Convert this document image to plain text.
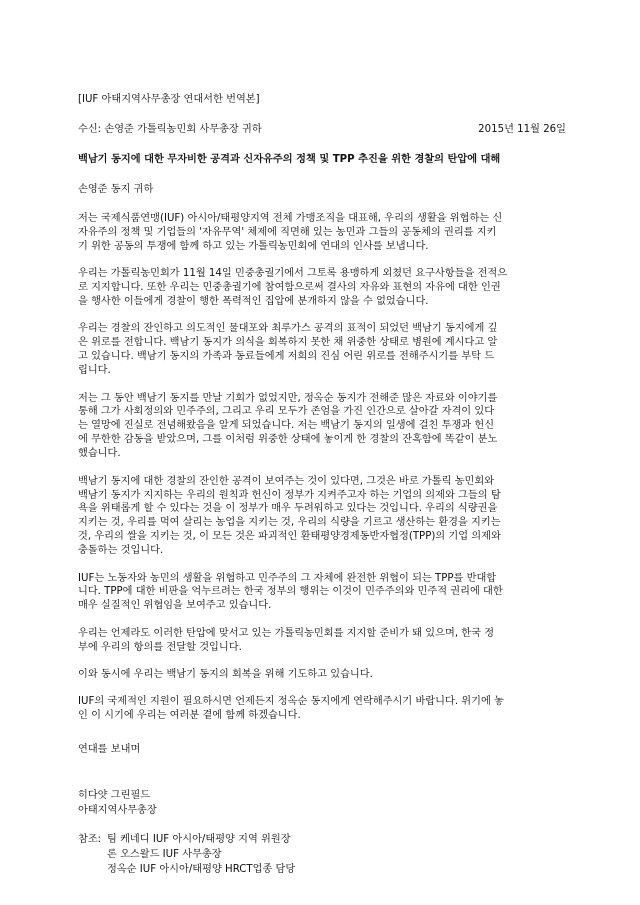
[IUF 아태지역사무총장 연대서한 번역본]

수신: 손영준 가톨릭농민회 사무총장 귀하	2015년 11월 26일

백남기 동지에 대한 무자비한 공격과 신자유주의 정책 및 TPP 추진을 위한 경찰의 탄압에 대해

손영준 동지 귀하

저는 국제식품연맹(IUF) 아시아/태평양지역 전체 가맹조직을 대표해, 우리의 생활을 위협하는 신
자유주의 정책 및 기업들의 '자유무역' 체제에 직면해 있는 농민과 그들의 공동체의 권리를 지키
기 위한 공동의 투쟁에 함께 하고 있는 가톨릭농민회에 연대의 인사를 보냅니다.

우리는 가톨릭농민회가 11월 14일 민중총궐기에서 그토록 용맹하게 외쳤던 요구사항들을 전적으
로 지지합니다. 또한 우리는 민중총궐기에 참여함으로써 결사의 자유와 표현의 자유에 대한 인권
을 행사한 이들에게 경찰이 행한 폭력적인 집압에 분개하지 않을 수 없었습니다.

우리는 경찰의 잔인하고 의도적인 물대포와 최루가스 공격의 표적이 되었던 백남기 동지에게 깊
은 위로를 전합니다. 백남기 동지가 의식을 회복하지 못한 채 위중한 상태로 병원에 계시다고 알
고 있습니다. 백남기 동지의 가족과 동료들에게 저희의 진심 어린 위로를 전해주시기를 부탁 드
립니다.

저는 그 동안 백남기 동지를 만날 기회가 없었지만, 정옥순 동지가 전해준 많은 자료와 이야기를
통해 그가 사회정의와 민주주의, 그리고 우리 모두가 존엄을 가진 인간으로 살아갈 자격이 있다
는 열망에 진실로 전념해왔음을 알게 되었습니다. 저는 백남기 동지의 일생에 걸친 투쟁과 헌신
에 무한한 감동을 받았으며, 그를 이처럼 위중한 상태에 놓이게 한 경찰의 잔혹함에 똑같이 분노
했습니다.

백남기 동지에 대한 경찰의 잔인한 공격이 보여주는 것이 있다면, 그것은 바로 가톨릭 농민회와
백남기 동지가 지지하는 우리의 원칙과 헌신이 정부가 지켜주고자 하는 기업의 의제와 그들의 탐
욕을 위태롭게 할 수 있다는 것을 이 정부가 매우 두려워하고 있다는 것입니다. 우리의 식량권을
지키는 것, 우리를 먹여 살리는 농업을 지키는 것, 우리의 식량을 기르고 생산하는 환경을 지키는
것, 우리의 쌀을 지키는 것, 이 모든 것은 파괴적인 환태평양경제동반자협정(TPP)의 기업 의제와
충돌하는 것입니다.

IUF는 노동자와 농민의 생활을 위협하고 민주주의 그 자체에 완전한 위협이 되는 TPP를 반대합
니다. TPP에 대한 비판을 억누르려는 한국 정부의 행위는 이것이 민주주의와 민주적 권리에 대한
매우 실질적인 위협임을 보여주고 있습니다.

우리는 언제라도 이러한 탄압에 맞서고 있는 가톨릭농민회를 지지할 준비가 돼 있으며, 한국 정
부에 우리의 항의를 전달할 것입니다.

이와 동시에 우리는 백남기 동지의 회복을 위해 기도하고 있습니다.

IUF의 국제적인 지원이 필요하시면 언제든지 정옥순 동지에게 연락해주시기 바랍니다. 위기에 놓
인 이 시기에 우리는 여러분 곁에 함께 하겠습니다.

연대를 보내며

히다얏 그린필드

아태지역사무총장

참조: 팀 케네디 IUF 아시아/태평양 지역 위원장
론 오스왈드 IUF 사무총장
정옥순 IUF 아시아/태평양 HRCT업종 담당
